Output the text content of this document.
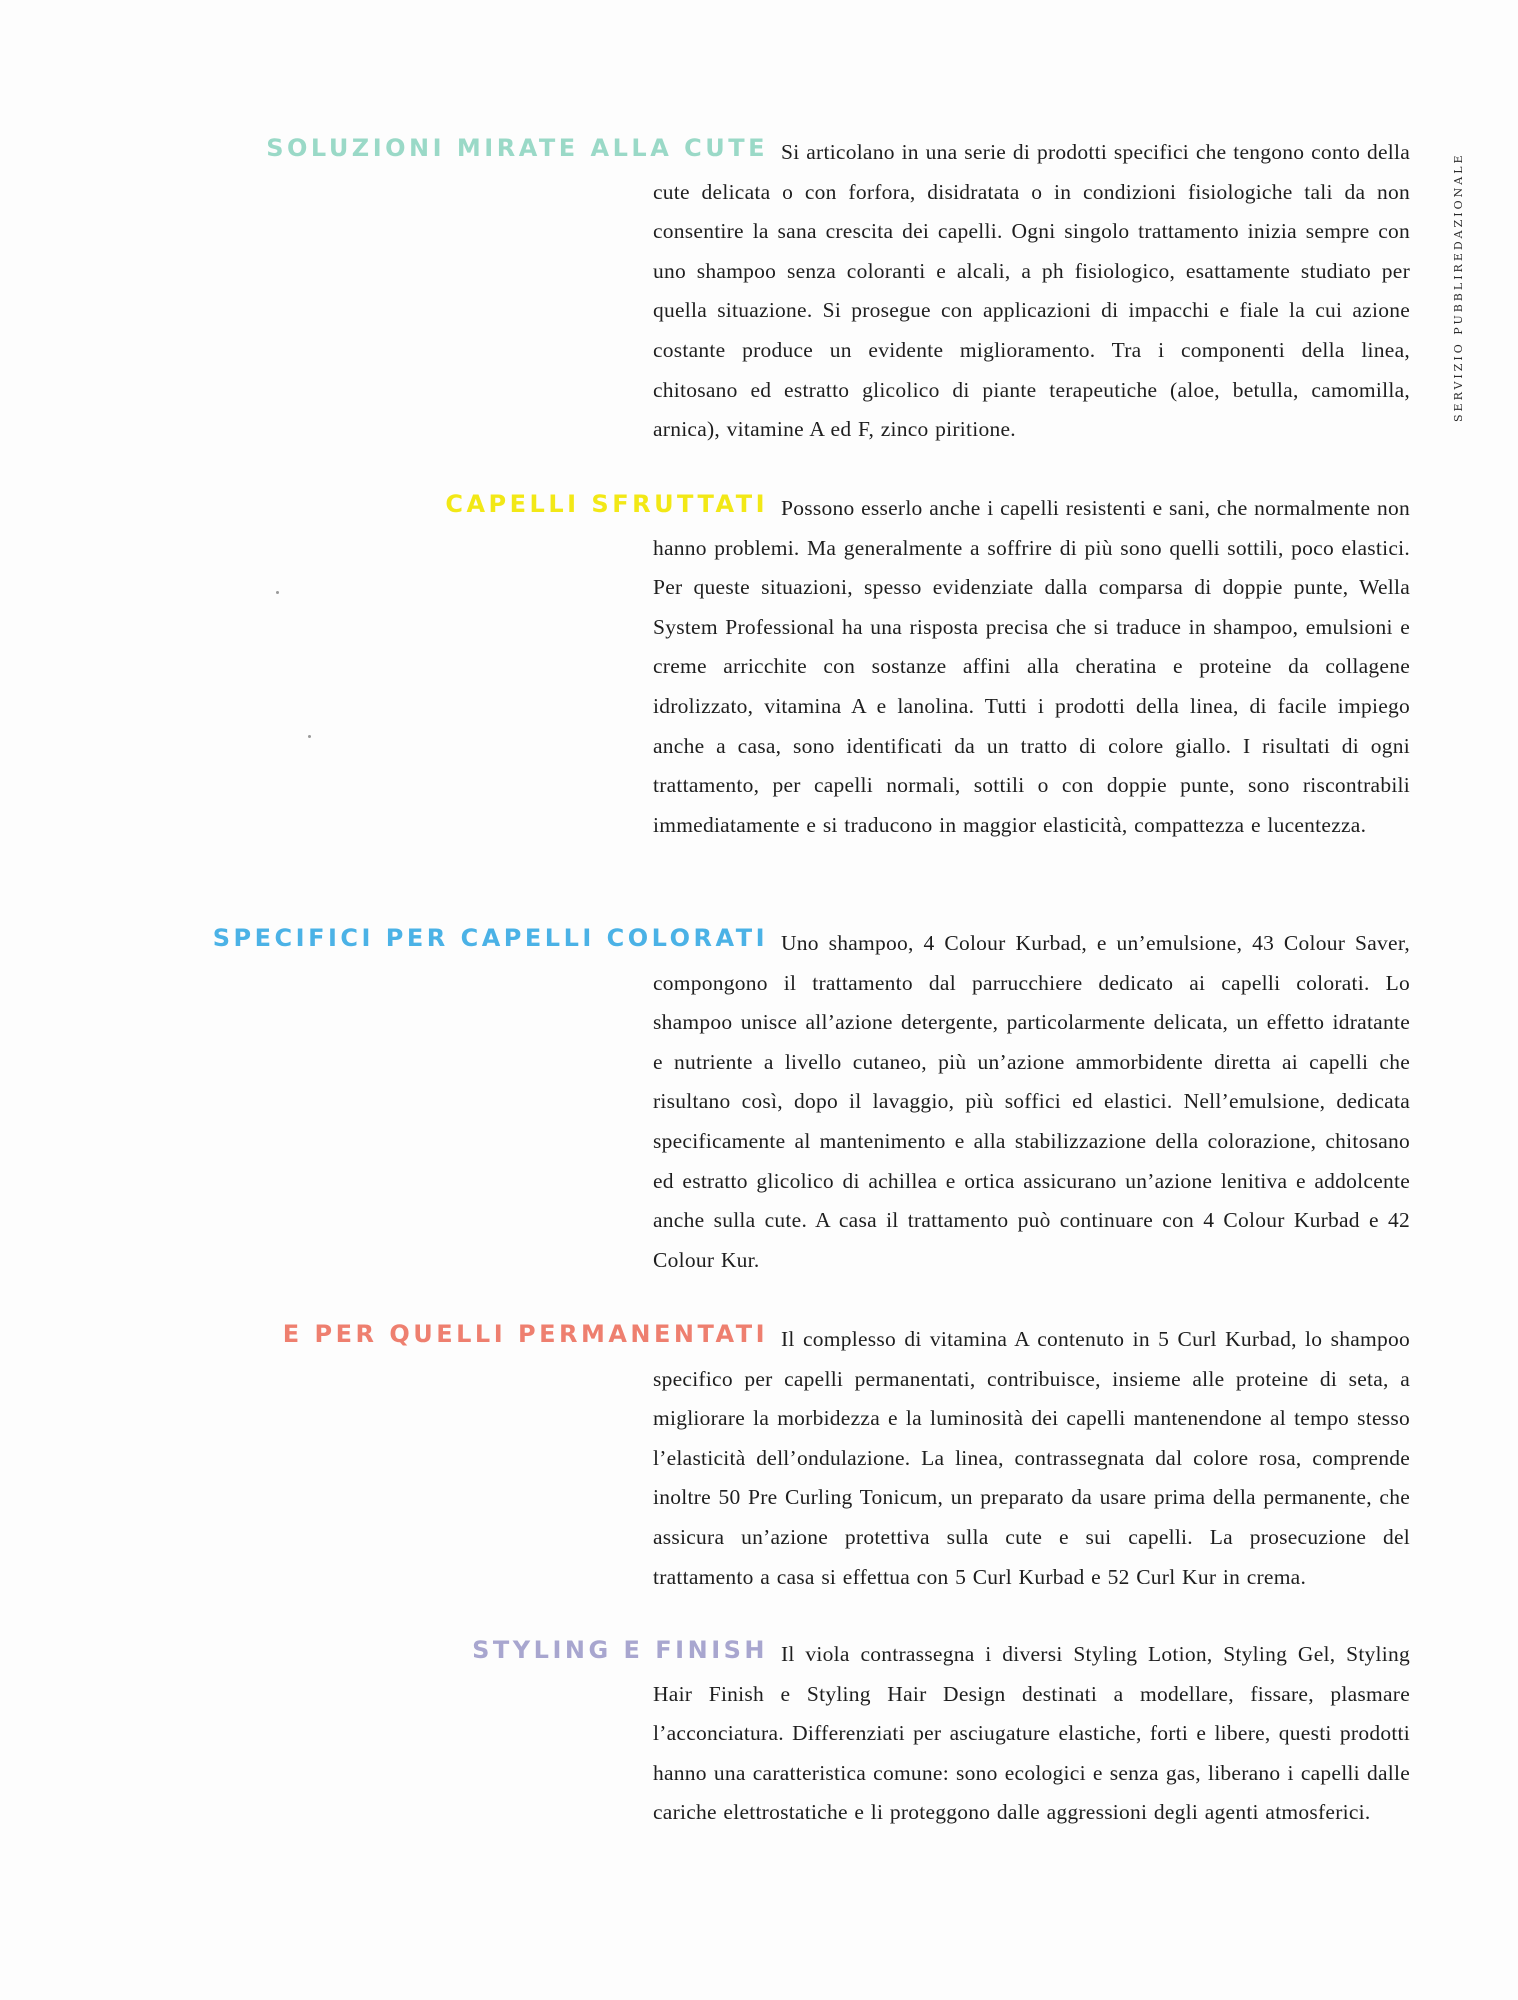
SERVIZIO PUBBLIREDAZIONALE
SOLUZIONI MIRATE ALLA CUTE Si articolano in una serie di prodotti specifici che tengono conto della cute delicata o con forfora, disidratata o in condizioni fisiologiche tali da non consentire la sana crescita dei capelli. Ogni singolo trattamento inizia sempre con uno shampoo senza coloranti e alcali, a ph fisiologico, esattamente studiato per quella situazione. Si prosegue con applicazioni di impacchi e fiale la cui azione costante produce un evidente miglioramento. Tra i componenti della linea, chitosano ed estratto glicolico di piante terapeutiche (aloe, betulla, camomilla, arnica), vitamine A ed F, zinco piritione.
CAPELLI SFRUTTATI Possono esserlo anche i capelli resistenti e sani, che normalmente non hanno problemi. Ma generalmente a soffrire di più sono quelli sottili, poco elastici. Per queste situazioni, spesso evidenziate dalla comparsa di doppie punte, Wella System Professional ha una risposta precisa che si traduce in shampoo, emulsioni e creme arricchite con sostanze affini alla cheratina e proteine da collagene idrolizzato, vitamina A e lanolina. Tutti i prodotti della linea, di facile impiego anche a casa, sono identificati da un tratto di colore giallo. I risultati di ogni trattamento, per capelli normali, sottili o con doppie punte, sono riscontrabili immediatamente e si traducono in maggior elasticità, compattezza e lucentezza.
SPECIFICI PER CAPELLI COLORATI Uno shampoo, 4 Colour Kurbad, e un’emulsione, 43 Colour Saver, compongono il trattamento dal parrucchiere dedicato ai capelli colorati. Lo shampoo unisce all’azione detergente, particolarmente delicata, un effetto idratante e nutriente a livello cutaneo, più un’azione ammorbidente diretta ai capelli che risultano così, dopo il lavaggio, più soffici ed elastici. Nell’emulsione, dedicata specificamente al mantenimento e alla stabilizzazione della colorazione, chitosano ed estratto glicolico di achillea e ortica assicurano un’azione lenitiva e addolcente anche sulla cute. A casa il trattamento può continuare con 4 Colour Kurbad e 42 Colour Kur.
E PER QUELLI PERMANENTATI Il complesso di vitamina A contenuto in 5 Curl Kurbad, lo shampoo specifico per capelli permanentati, contribuisce, insieme alle proteine di seta, a migliorare la morbidezza e la luminosità dei capelli mantenendone al tempo stesso l’elasticità dell’ondulazione. La linea, contrassegnata dal colore rosa, comprende inoltre 50 Pre Curling Tonicum, un preparato da usare prima della permanente, che assicura un’azione protettiva sulla cute e sui capelli. La prosecuzione del trattamento a casa si effettua con 5 Curl Kurbad e 52 Curl Kur in crema.
STYLING E FINISH Il viola contrassegna i diversi Styling Lotion, Styling Gel, Styling Hair Finish e Styling Hair Design destinati a modellare, fissare, plasmare l’acconciatura. Differenziati per asciugature elastiche, forti e libere, questi prodotti hanno una caratteristica comune: sono ecologici e senza gas, liberano i capelli dalle cariche elettrostatiche e li proteggono dalle aggressioni degli agenti atmosferici.
